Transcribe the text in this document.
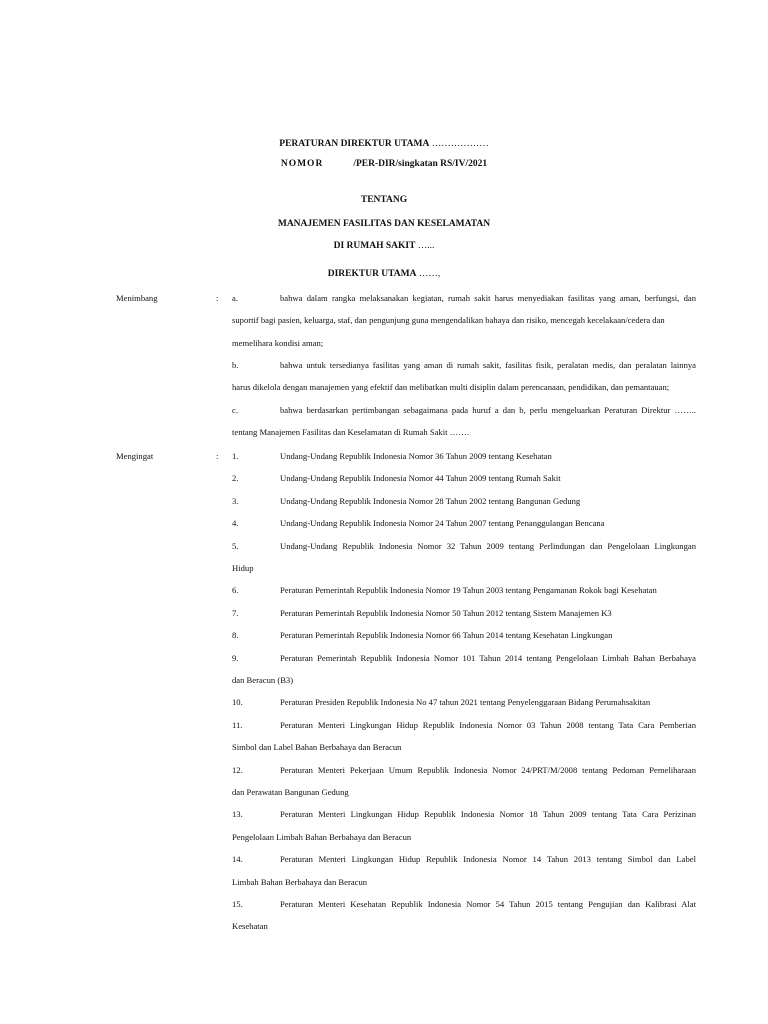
PERATURAN DIREKTUR UTAMA ………………
NOMOR	/PER-DIR/singkatan RS/IV/2021
TENTANG
MANAJEMEN FASILITAS DAN KESELAMATAN
DI RUMAH SAKIT …...
DIREKTUR UTAMA ……,
Menimbang	: a.	bahwa dalam rangka melaksanakan kegiatan, rumah sakit harus menyediakan fasilitas yang aman, berfungsi, dan
suportif bagi pasien, keluarga, staf, dan pengunjung guna mengendalikan bahaya dan risiko, mencegah kecelakaan/cedera dan
memelihara kondisi aman;
b.	bahwa untuk tersedianya fasilitas yang aman di rumah sakit, fasilitas fisik, peralatan medis, dan peralatan lainnya
harus dikelola dengan manajemen yang efektif dan melibatkan multi disiplin dalam perencanaan, pendidikan, dan pemantauan;
c.	bahwa berdasarkan pertimbangan sebagaimana pada huruf a dan b, perlu mengeluarkan Peraturan Direktur ……..
tentang Manajemen Fasilitas dan Keselamatan di Rumah Sakit …….
Mengingat	: 1.	Undang-Undang Republik Indonesia Nomor 36 Tahun 2009 tentang Kesehatan
2.	Undang-Undang Republik Indonesia Nomor 44 Tahun 2009 tentang Rumah Sakit
3.	Undang-Undang Republik Indonesia Nomor 28 Tahun 2002 tentang Bangunan Gedung
4.	Undang-Undang Republik Indonesia Nomor 24 Tahun 2007 tentang Penanggulangan Bencana
5.	Undang-Undang Republik Indonesia Nomor 32 Tahun 2009 tentang Perlindungan dan Pengelolaan Lingkungan
Hidup
6.	Peraturan Pemerintah Republik Indonesia Nomor 19 Tahun 2003 tentang Pengamanan Rokok bagi Kesehatan
7.	Peraturan Pemerintah Republik Indonesia Nomor 50 Tahun 2012 tentang Sistem Manajemen K3
8.	Peraturan Pemerintah Republik Indonesia Nomor 66 Tahun 2014 tentang Kesehatan Lingkungan
9.	Peraturan Pemerintah Republik Indonesia Nomor 101 Tahun 2014 tentang Pengelolaan Limbah Bahan Berbahaya
dan Beracun (B3)
10.	Peraturan Presiden Republik Indonesia No 47 tahun 2021 tentang Penyelenggaraan Bidang Perumahsakitan
11.	Peraturan Menteri Lingkungan Hidup Republik Indonesia Nomor 03 Tahun 2008 tentang Tata Cara Pemberian
Simbol dan Label Bahan Berbahaya dan Beracun
12.	Peraturan Menteri Pekerjaan Umum Republik Indonesia Nomor 24/PRT/M/2008 tentang Pedoman Pemeliharaan
dan Perawatan Bangunan Gedung
13.	Peraturan Menteri Lingkungan Hidup Republik Indonesia Nomor 18 Tahun 2009 tentang Tata Cara Perizinan
Pengelolaan Limbah Bahan Berbahaya dan Beracun
14.	Peraturan Menteri Lingkungan Hidup Republik Indonesia Nomor 14 Tahun 2013 tentang Simbol dan Label
Limbah Bahan Berbahaya dan Beracun
15.	Peraturan Menteri Kesehatan Republik Indonesia Nomor 54 Tahun 2015 tentang Pengujian dan Kalibrasi Alat
Kesehatan
